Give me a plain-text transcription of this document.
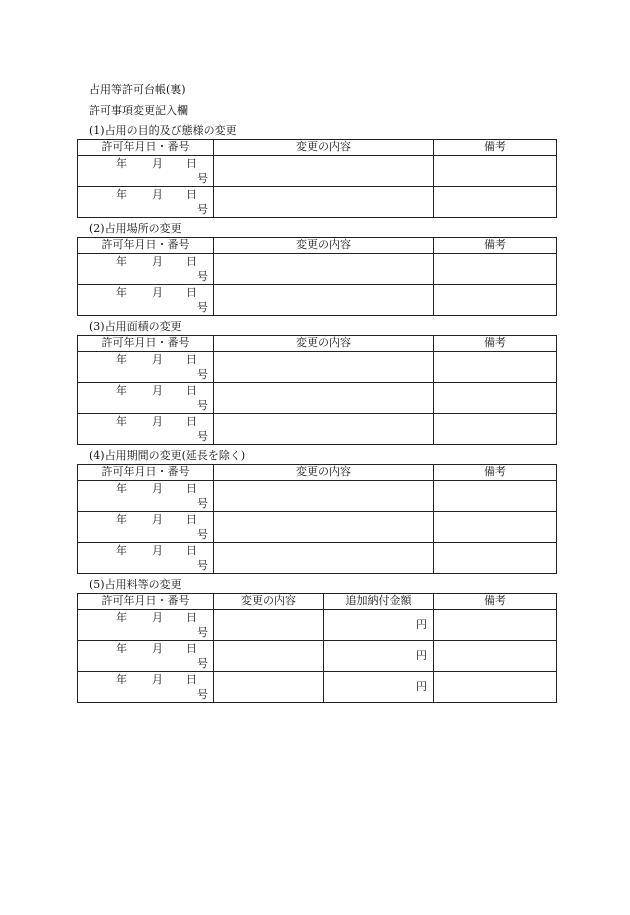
占用等許可台帳(裏)
許可事項変更記入欄
(1)占用の目的及び態様の変更
許可年月日・番号	変更の内容	備考

年 月 日
号		

年 月 日
号		

(2)占用場所の変更
許可年月日・番号	変更の内容	備考

年 月 日
号		

年 月 日
号		

(3)占用面積の変更
許可年月日・番号	変更の内容	備考

年 月 日
号		

年 月 日
号		

年 月 日
号		

(4)占用期間の変更(延長を除く)
許可年月日・番号	変更の内容	備考

年 月 日
号		

年 月 日
号		

年 月 日
号		

(5)占用料等の変更
許可年月日・番号	変更の内容	追加納付金額	備考

年 月 日
号		円	

年 月 日
号		円	

年 月 日
号		円	
